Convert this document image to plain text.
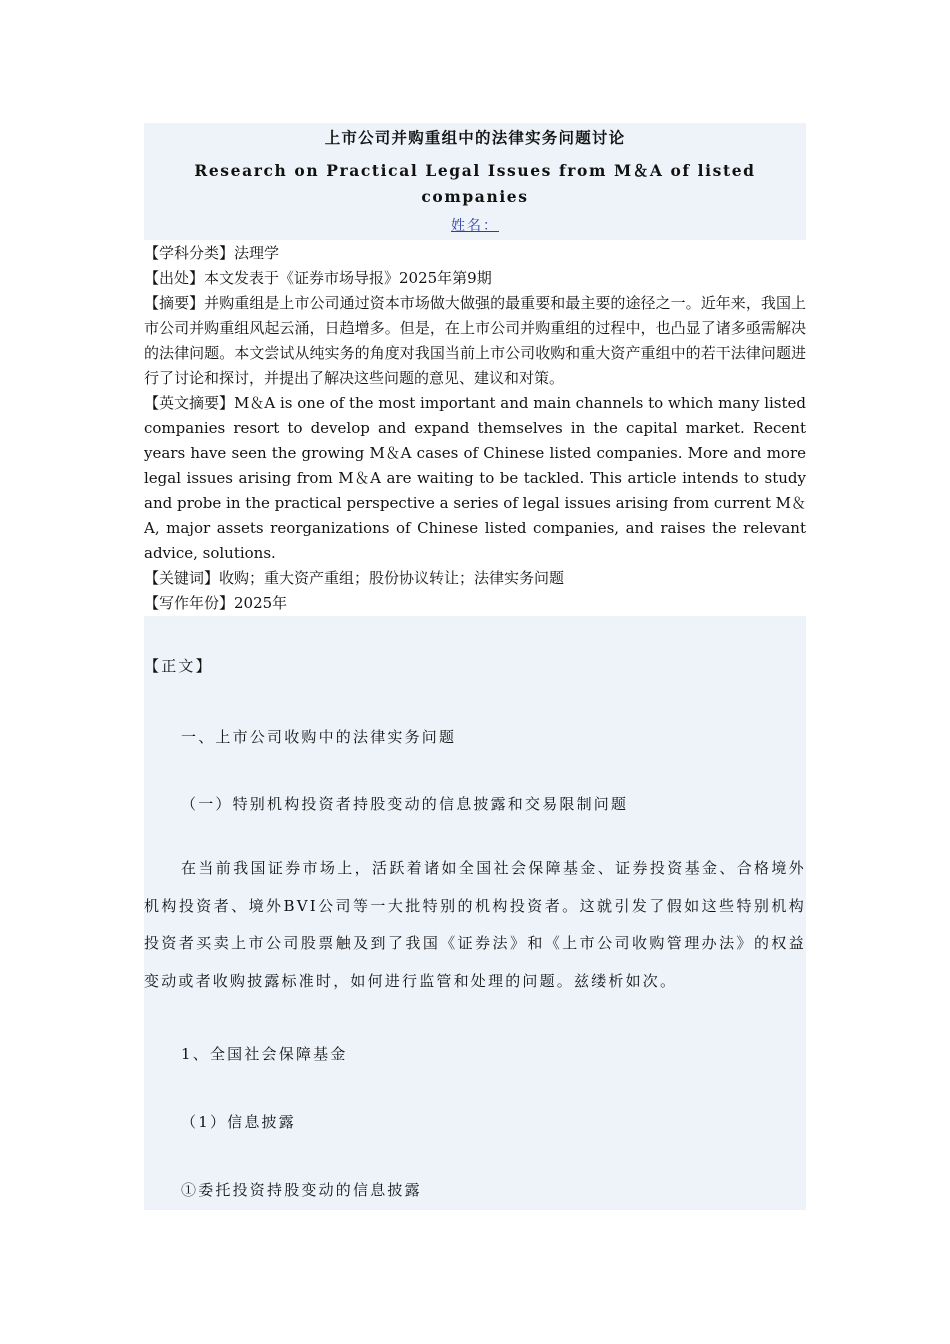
上市公司并购重组中的法律实务问题讨论
Research on Practical Legal Issues from M＆A of listed companies
姓名：

【学科分类】法理学

【出处】本文发表于《证券市场导报》2025年第9期

【摘要】并购重组是上市公司通过资本市场做大做强的最重要和最主要的途径之一。近年来，我国上市公司并购重组风起云涌，日趋增多。但是，在上市公司并购重组的过程中，也凸显了诸多亟需解决的法律问题。本文尝试从纯实务的角度对我国当前上市公司收购和重大资产重组中的若干法律问题进行了讨论和探讨，并提出了解决这些问题的意见、建议和对策。

【英文摘要】M＆A is one of the most important and main channels to which many listed companies resort to develop and expand themselves in the capital market. Recent years have seen the growing M＆A cases of Chinese listed companies. More and more legal issues arising from M＆A are waiting to be tackled. This article intends to study and probe in the practical perspective a series of legal issues arising from current M＆A, major assets reorganizations of Chinese listed companies, and raises the relevant advice, solutions.

【关键词】收购；重大资产重组；股份协议转让；法律实务问题

【写作年份】2025年

【正文】

一、上市公司收购中的法律实务问题

（一）特别机构投资者持股变动的信息披露和交易限制问题

在当前我国证券市场上，活跃着诸如全国社会保障基金、证券投资基金、合格境外机构投资者、境外BVI公司等一大批特别的机构投资者。这就引发了假如这些特别机构投资者买卖上市公司股票触及到了我国《证券法》和《上市公司收购管理办法》的权益变动或者收购披露标准时，如何进行监管和处理的问题。兹缕析如次。

1、全国社会保障基金

（1）信息披露

①委托投资持股变动的信息披露
